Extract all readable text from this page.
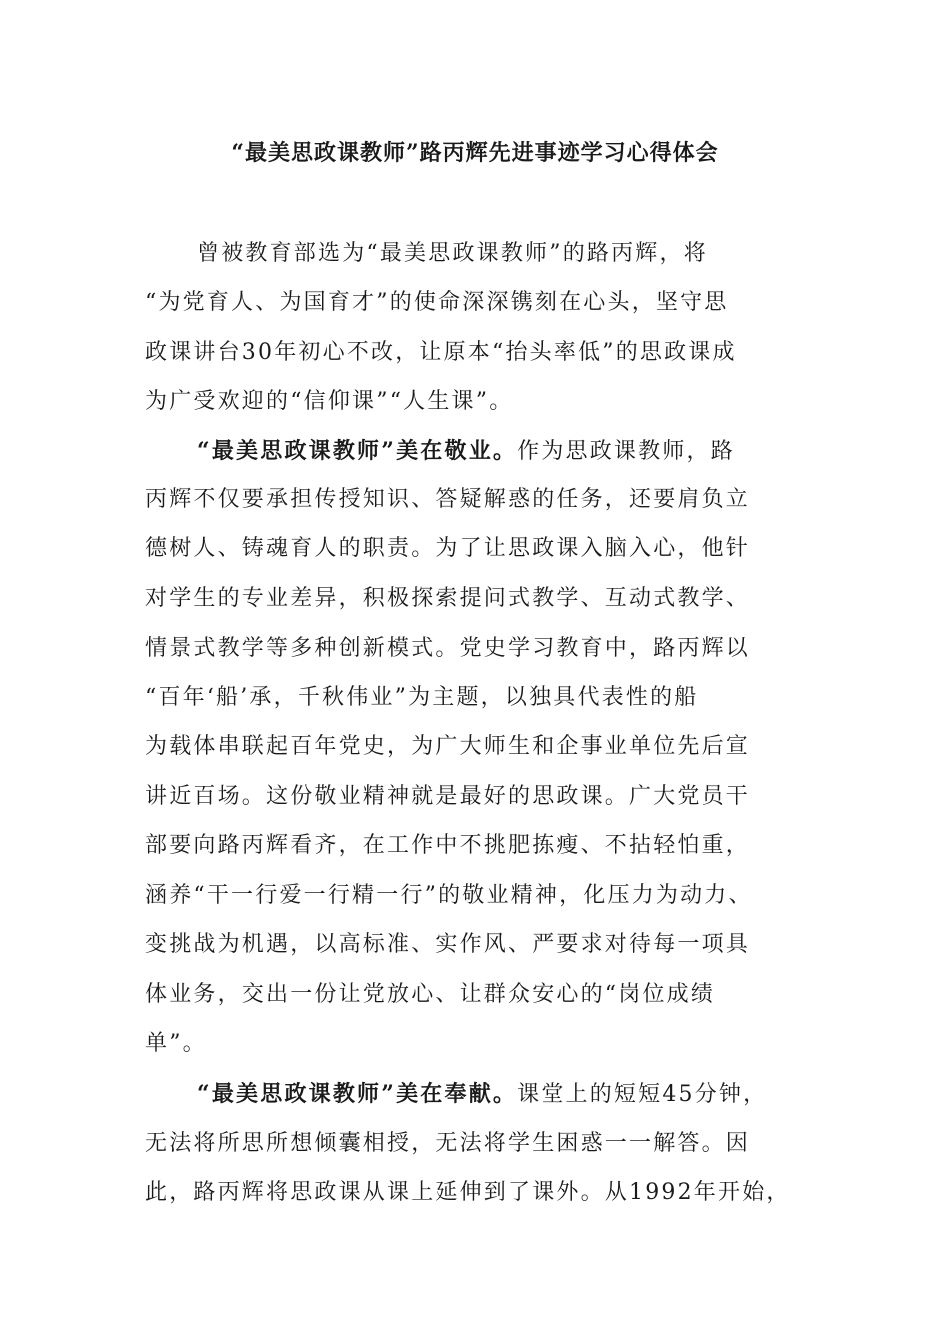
“最美思政课教师”路丙辉先进事迹学习心得体会
曾被教育部选为“最美思政课教师”的路丙辉，将
“为党育人、为国育才”的使命深深镌刻在心头，坚守思
政课讲台30年初心不改，让原本“抬头率低”的思政课成
为广受欢迎的“信仰课”“人生课”。
“最美思政课教师”美在敬业。作为思政课教师，路
丙辉不仅要承担传授知识、答疑解惑的任务，还要肩负立
德树人、铸魂育人的职责。为了让思政课入脑入心，他针
对学生的专业差异，积极探索提问式教学、互动式教学、
情景式教学等多种创新模式。党史学习教育中，路丙辉以
“百年‘船’承，千秋伟业”为主题，以独具代表性的船
为载体串联起百年党史，为广大师生和企事业单位先后宣
讲近百场。这份敬业精神就是最好的思政课。广大党员干
部要向路丙辉看齐，在工作中不挑肥拣瘦、不拈轻怕重，
涵养“干一行爱一行精一行”的敬业精神，化压力为动力、
变挑战为机遇，以高标准、实作风、严要求对待每一项具
体业务，交出一份让党放心、让群众安心的“岗位成绩
单”。
“最美思政课教师”美在奉献。课堂上的短短45分钟，
无法将所思所想倾囊相授，无法将学生困惑一一解答。因
此，路丙辉将思政课从课上延伸到了课外。从1992年开始，
